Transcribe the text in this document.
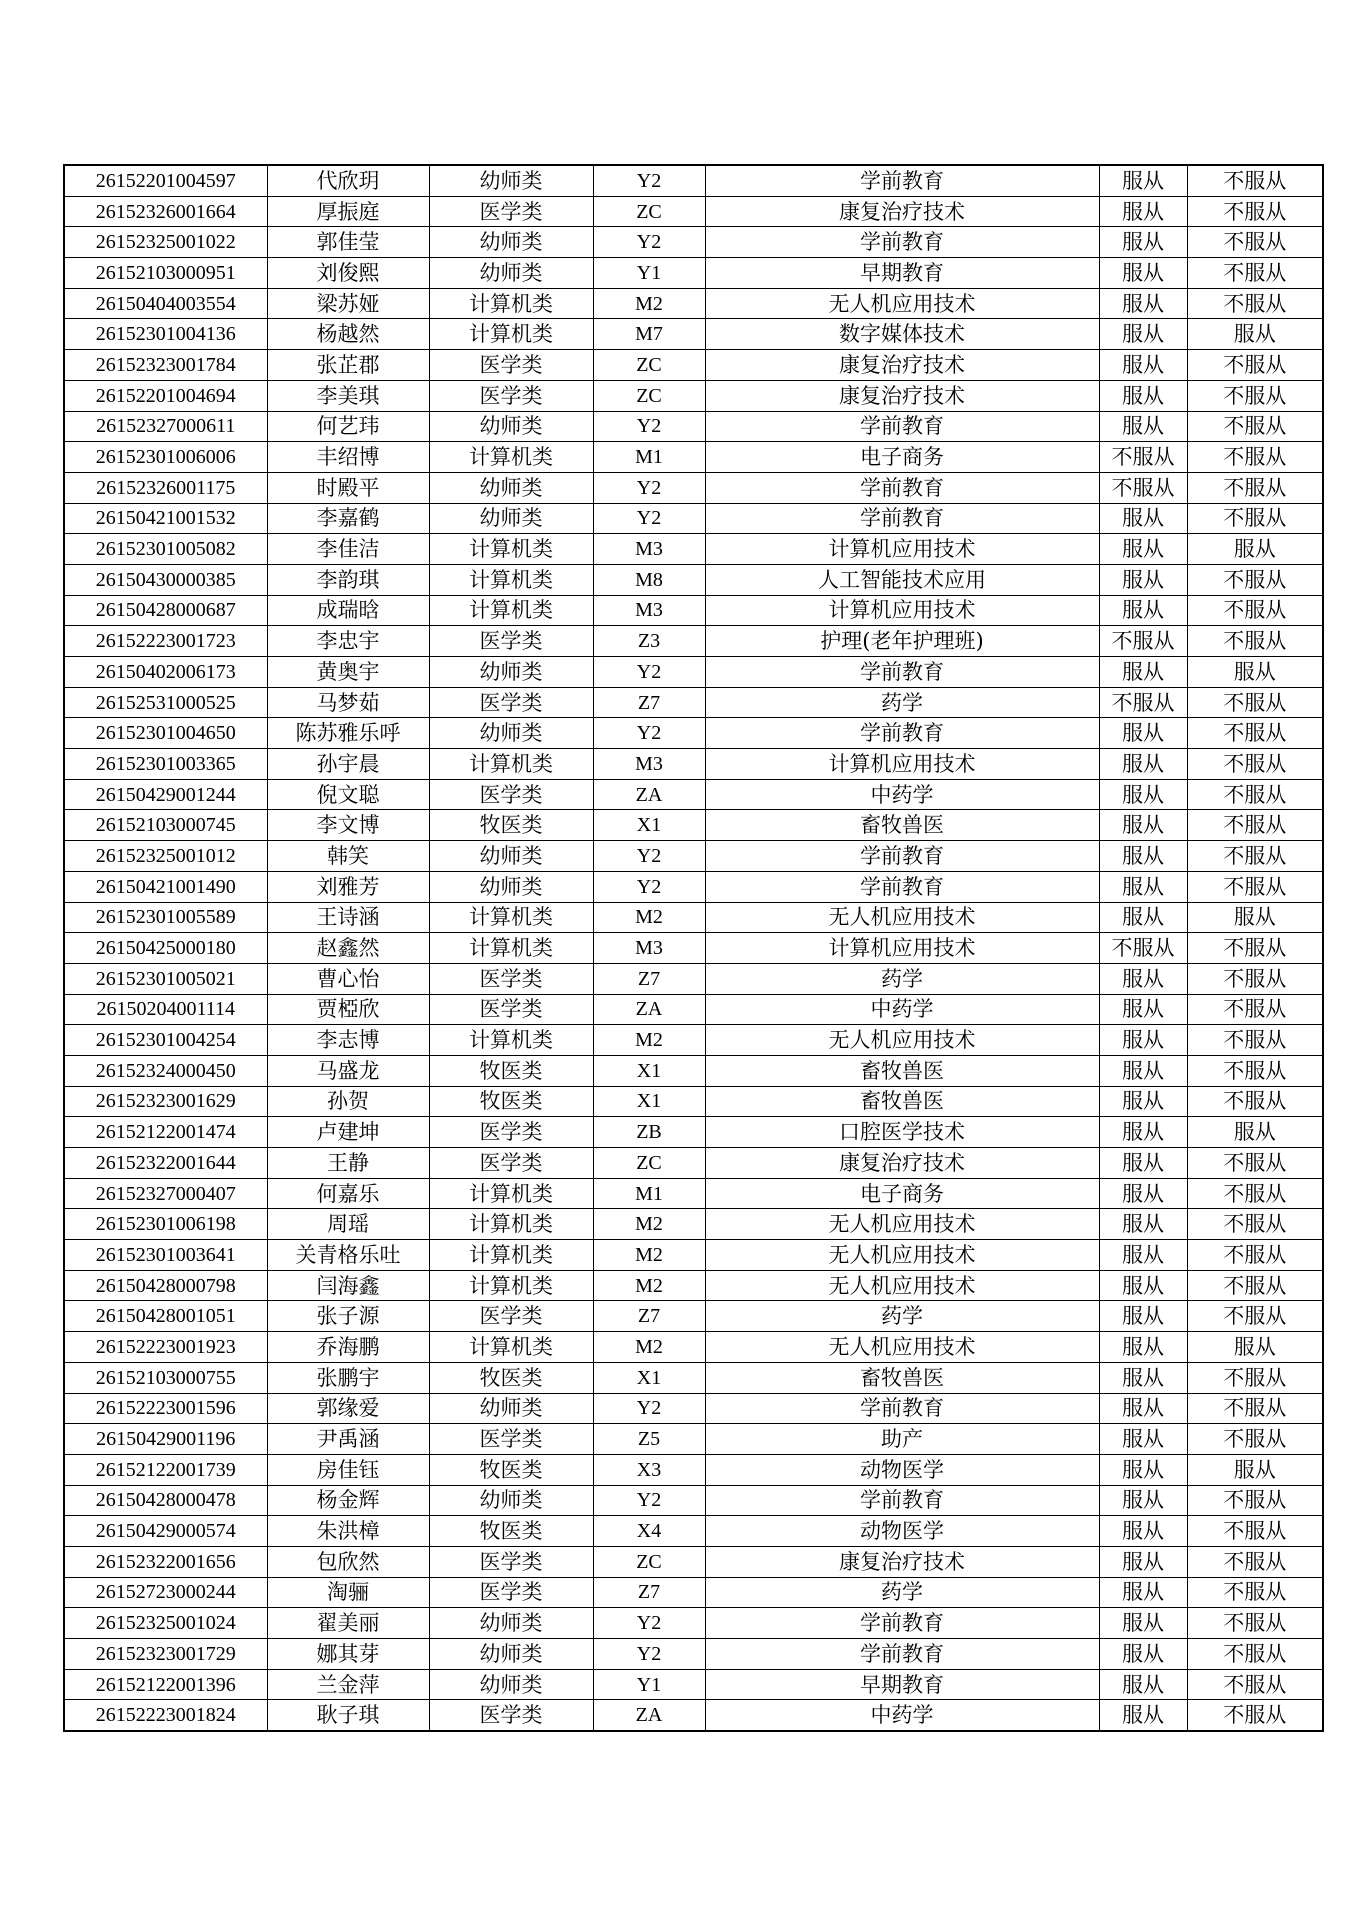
26152201004597	代欣玥	幼师类	Y2	学前教育	服从	不服从
26152326001664	厚振庭	医学类	ZC	康复治疗技术	服从	不服从
26152325001022	郭佳莹	幼师类	Y2	学前教育	服从	不服从
26152103000951	刘俊熙	幼师类	Y1	早期教育	服从	不服从
26150404003554	梁苏娅	计算机类	M2	无人机应用技术	服从	不服从
26152301004136	杨越然	计算机类	M7	数字媒体技术	服从	服从
26152323001784	张芷郡	医学类	ZC	康复治疗技术	服从	不服从
26152201004694	李美琪	医学类	ZC	康复治疗技术	服从	不服从
26152327000611	何艺玮	幼师类	Y2	学前教育	服从	不服从
26152301006006	丰绍博	计算机类	M1	电子商务	不服从	不服从
26152326001175	时殿平	幼师类	Y2	学前教育	不服从	不服从
26150421001532	李嘉鹤	幼师类	Y2	学前教育	服从	不服从
26152301005082	李佳洁	计算机类	M3	计算机应用技术	服从	服从
26150430000385	李韵琪	计算机类	M8	人工智能技术应用	服从	不服从
26150428000687	成瑞晗	计算机类	M3	计算机应用技术	服从	不服从
26152223001723	李忠宇	医学类	Z3	护理(老年护理班)	不服从	不服从
26150402006173	黄奥宇	幼师类	Y2	学前教育	服从	服从
26152531000525	马梦茹	医学类	Z7	药学	不服从	不服从
26152301004650	陈苏雅乐呼	幼师类	Y2	学前教育	服从	不服从
26152301003365	孙宇晨	计算机类	M3	计算机应用技术	服从	不服从
26150429001244	倪文聪	医学类	ZA	中药学	服从	不服从
26152103000745	李文博	牧医类	X1	畜牧兽医	服从	不服从
26152325001012	韩笑	幼师类	Y2	学前教育	服从	不服从
26150421001490	刘雅芳	幼师类	Y2	学前教育	服从	不服从
26152301005589	王诗涵	计算机类	M2	无人机应用技术	服从	服从
26150425000180	赵鑫然	计算机类	M3	计算机应用技术	不服从	不服从
26152301005021	曹心怡	医学类	Z7	药学	服从	不服从
26150204001114	贾椏欣	医学类	ZA	中药学	服从	不服从
26152301004254	李志博	计算机类	M2	无人机应用技术	服从	不服从
26152324000450	马盛龙	牧医类	X1	畜牧兽医	服从	不服从
26152323001629	孙贺	牧医类	X1	畜牧兽医	服从	不服从
26152122001474	卢建坤	医学类	ZB	口腔医学技术	服从	服从
26152322001644	王静	医学类	ZC	康复治疗技术	服从	不服从
26152327000407	何嘉乐	计算机类	M1	电子商务	服从	不服从
26152301006198	周瑶	计算机类	M2	无人机应用技术	服从	不服从
26152301003641	关青格乐吐	计算机类	M2	无人机应用技术	服从	不服从
26150428000798	闫海鑫	计算机类	M2	无人机应用技术	服从	不服从
26150428001051	张子源	医学类	Z7	药学	服从	不服从
26152223001923	乔海鹏	计算机类	M2	无人机应用技术	服从	服从
26152103000755	张鹏宇	牧医类	X1	畜牧兽医	服从	不服从
26152223001596	郭缘爱	幼师类	Y2	学前教育	服从	不服从
26150429001196	尹禹涵	医学类	Z5	助产	服从	不服从
26152122001739	房佳钰	牧医类	X3	动物医学	服从	服从
26150428000478	杨金辉	幼师类	Y2	学前教育	服从	不服从
26150429000574	朱洪樟	牧医类	X4	动物医学	服从	不服从
26152322001656	包欣然	医学类	ZC	康复治疗技术	服从	不服从
26152723000244	淘骊	医学类	Z7	药学	服从	不服从
26152325001024	翟美丽	幼师类	Y2	学前教育	服从	不服从
26152323001729	娜其芽	幼师类	Y2	学前教育	服从	不服从
26152122001396	兰金萍	幼师类	Y1	早期教育	服从	不服从
26152223001824	耿子琪	医学类	ZA	中药学	服从	不服从
